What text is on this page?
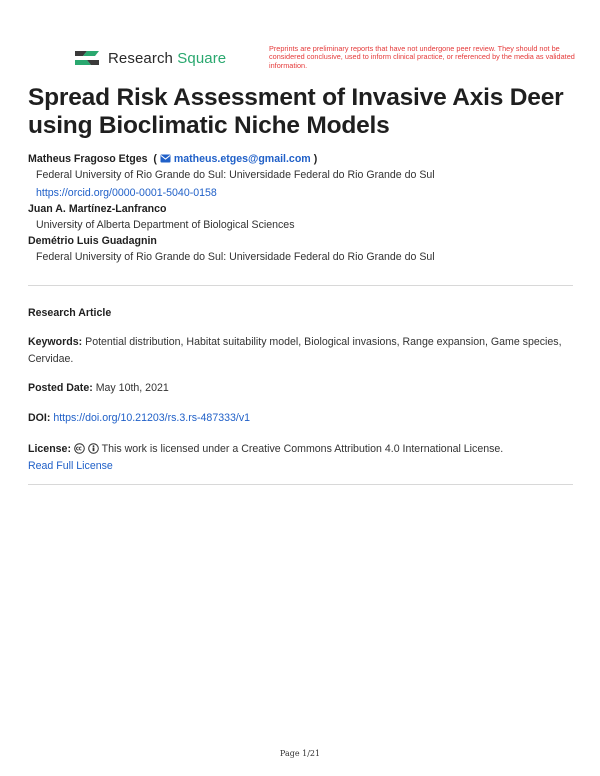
Research Square
Preprints are preliminary reports that have not undergone peer review. They should not be considered conclusive, used to inform clinical practice, or referenced by the media as validated information.
Spread Risk Assessment of Invasive Axis Deer using Bioclimatic Niche Models
Matheus Fragoso Etges  (  matheus.etges@gmail.com )
Federal University of Rio Grande do Sul: Universidade Federal do Rio Grande do Sul
https://orcid.org/0000-0001-5040-0158
Juan A. Martínez-Lanfranco
University of Alberta Department of Biological Sciences
Demétrio Luis Guadagnin
Federal University of Rio Grande do Sul: Universidade Federal do Rio Grande do Sul
Research Article
Keywords: Potential distribution, Habitat suitability model, Biological invasions, Range expansion, Game species, Cervidae.
Posted Date: May 10th, 2021
DOI: https://doi.org/10.21203/rs.3.rs-487333/v1
License:	This work is licensed under a Creative Commons Attribution 4.0 International License.
Read Full License
Page 1/21
